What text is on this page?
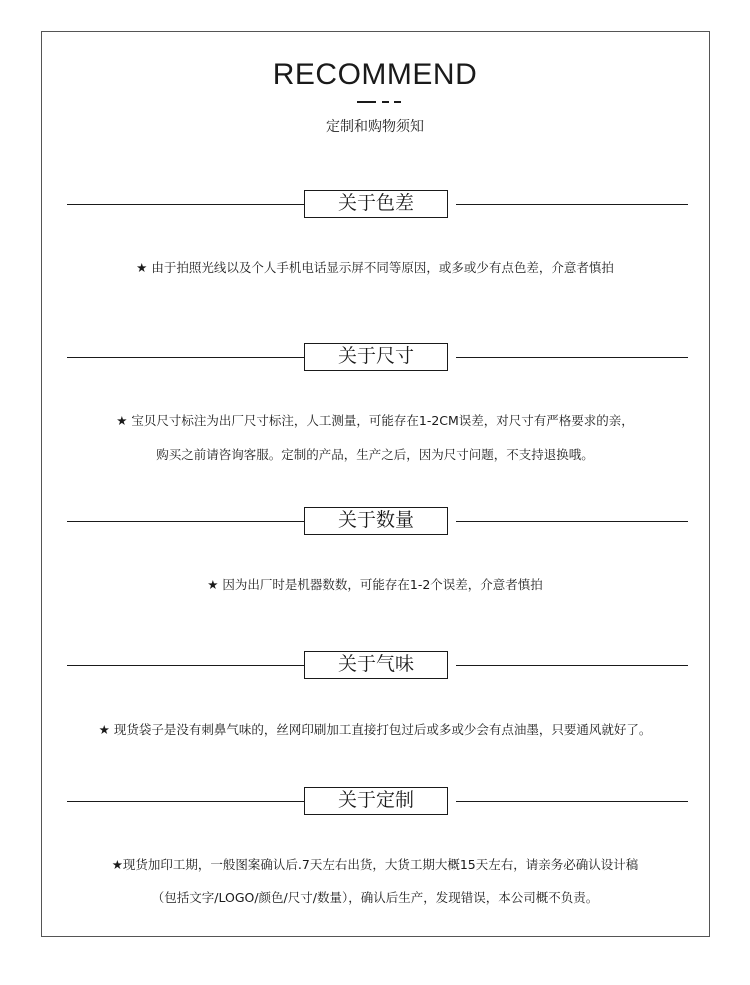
RECOMMEND
定制和购物须知
关于色差
★ 由于拍照光线以及个人手机电话显示屏不同等原因，或多或少有点色差，介意者慎拍
关于尺寸
★ 宝贝尺寸标注为出厂尺寸标注，人工测量，可能存在1-2CM误差，对尺寸有严格要求的亲，
购买之前请咨询客服。定制的产品，生产之后，因为尺寸问题，不支持退换哦。
关于数量
★ 因为出厂时是机器数数，可能存在1-2个误差，介意者慎拍
关于气味
★ 现货袋子是没有刺鼻气味的，丝网印刷加工直接打包过后或多或少会有点油墨，只要通风就好了。
关于定制
★现货加印工期，一般图案确认后.7天左右出货，大货工期大概15天左右，请亲务必确认设计稿
（包括文字/LOGO/颜色/尺寸/数量），确认后生产，发现错误，本公司概不负责。
